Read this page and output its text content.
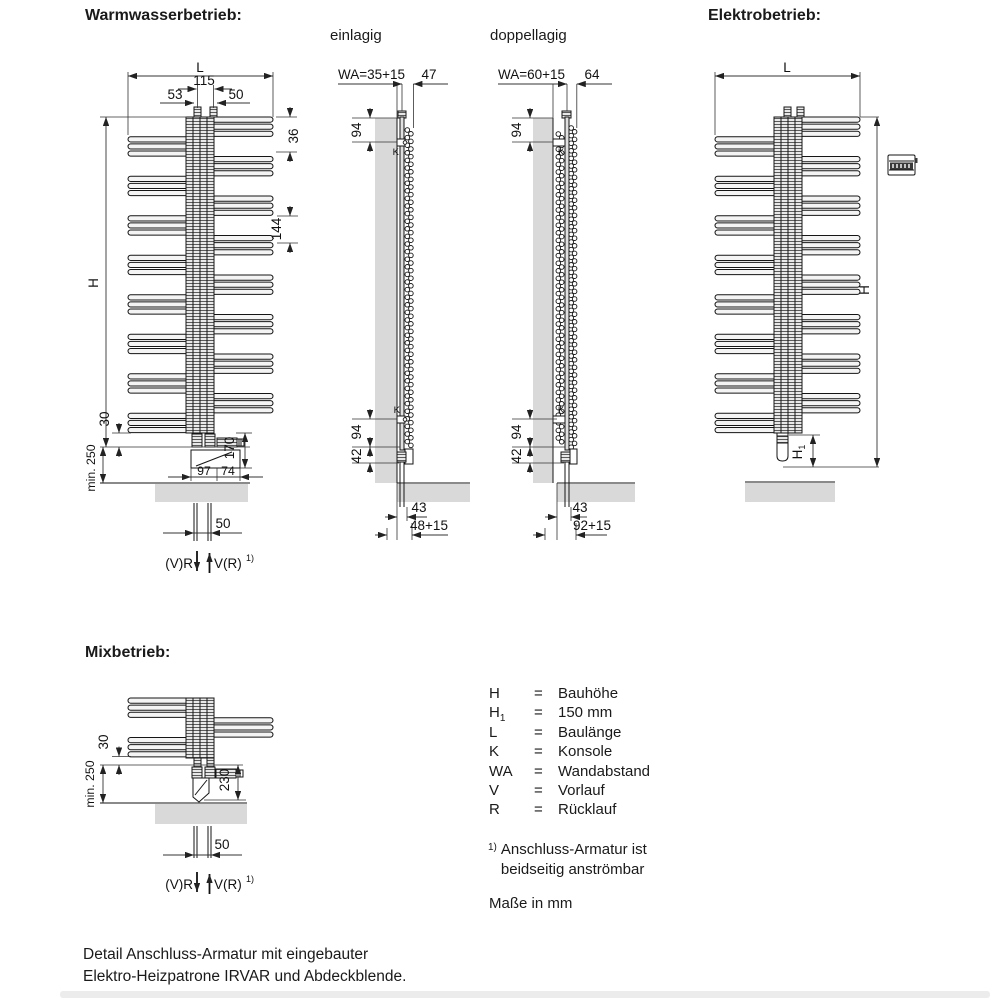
Warmwasserbetrieb:
einlagig	doppellagig
Elektrobetrieb:
Mixbetrieb:
L
115
53	50
36
144
H
30
min. 250	170
97 74
50
(V)R V(R) 1)
WA=35+15 47
94
K
94
K
42
43
48+15
WA=60+15 64
94
K
94
K
42
43
92+15
L
H
$H_1$
30
min. 250	230
50
(V)R V(R) 1)
H = Bauhöhe
$H_1 = 150$ mm
L = Baulänge
K = Konsole
WA = Wandabstand
V = Vorlauf
R = Rücklauf
$^{1)}$ Anschluss-Armatur ist
beidseitig anströmbar
Maße in mm
Detail Anschluss-Armatur mit eingebauter
Elektro-Heizpatrone IRVAR und Abdeckblende.
